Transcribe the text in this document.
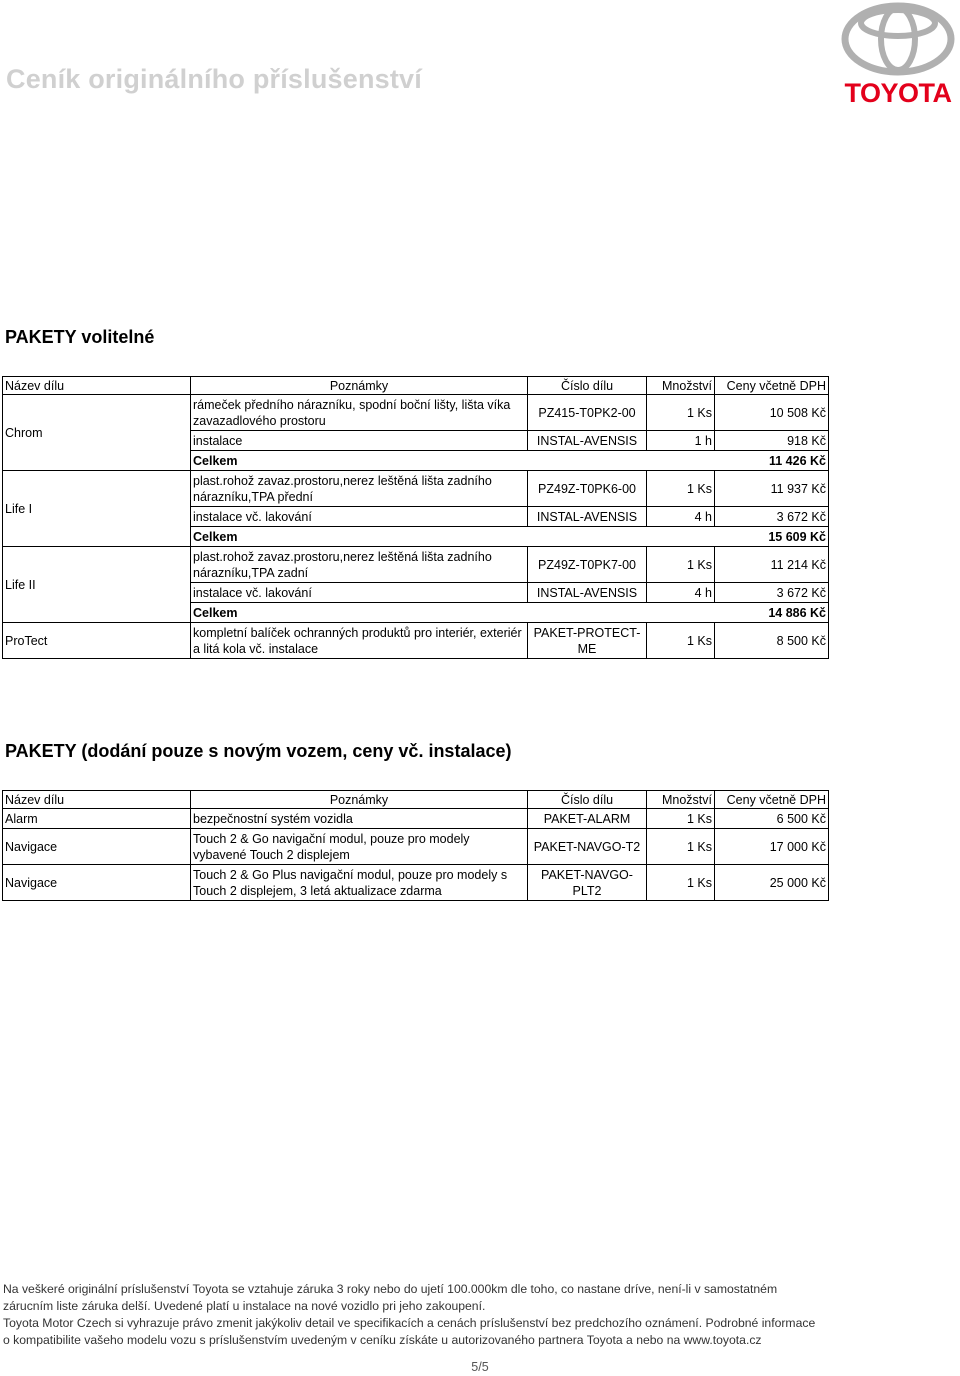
Ceník originálního příslušenství	TOYOTA
PAKETY volitelné
Název dílu	Poznámky	Číslo dílu	Množství	Ceny včetně DPH
Chrom	rámeček předního nárazníku, spodní boční lišty, lišta víka zavazadlového prostoru	PZ415-T0PK2-00	1 Ks	10 508 Kč
	instalace	INSTAL-AVENSIS	1 h	918 Kč
	Celkem			11 426 Kč
Life I	plast.rohož zavaz.prostoru,nerez leštěná lišta zadního nárazníku,TPA přední	PZ49Z-T0PK6-00	1 Ks	11 937 Kč
	instalace vč. lakování	INSTAL-AVENSIS	4 h	3 672 Kč
	Celkem			15 609 Kč
Life II	plast.rohož zavaz.prostoru,nerez leštěná lišta zadního nárazníku,TPA zadní	PZ49Z-T0PK7-00	1 Ks	11 214 Kč
	instalace vč. lakování	INSTAL-AVENSIS	4 h	3 672 Kč
	Celkem			14 886 Kč
ProTect	kompletní balíček ochranných produktů pro interiér, exteriér a litá kola vč. instalace	PAKET-PROTECT-ME	1 Ks	8 500 Kč
PAKETY (dodání pouze s novým vozem, ceny vč. instalace)
Název dílu	Poznámky	Číslo dílu	Množství	Ceny včetně DPH
Alarm	bezpečnostní systém vozidla	PAKET-ALARM	1 Ks	6 500 Kč
Navigace	Touch 2 & Go navigační modul, pouze pro modely vybavené Touch 2 displejem	PAKET-NAVGO-T2	1 Ks	17 000 Kč
Navigace	Touch 2 & Go Plus navigační modul, pouze pro modely s Touch 2 displejem, 3 letá aktualizace zdarma	PAKET-NAVGO-PLT2	1 Ks	25 000 Kč

Na veškeré originální príslušenství Toyota se vztahuje záruka 3 roky nebo do ujetí 100.000km dle toho, co nastane dríve, není-li v samostatném

zárucním liste záruka delší. Uvedené platí u instalace na nové vozidlo pri jeho zakoupení.

Toyota Motor Czech si vyhrazuje právo zmenit jakýkoliv detail ve specifikacích a cenách príslušenství bez predchozího oznámení. Podrobné informace

o kompatibilite vašeho modelu vozu s príslušenstvím uvedeným v ceníku získáte u autorizovaného partnera Toyota a nebo na www.toyota.cz

5/5
